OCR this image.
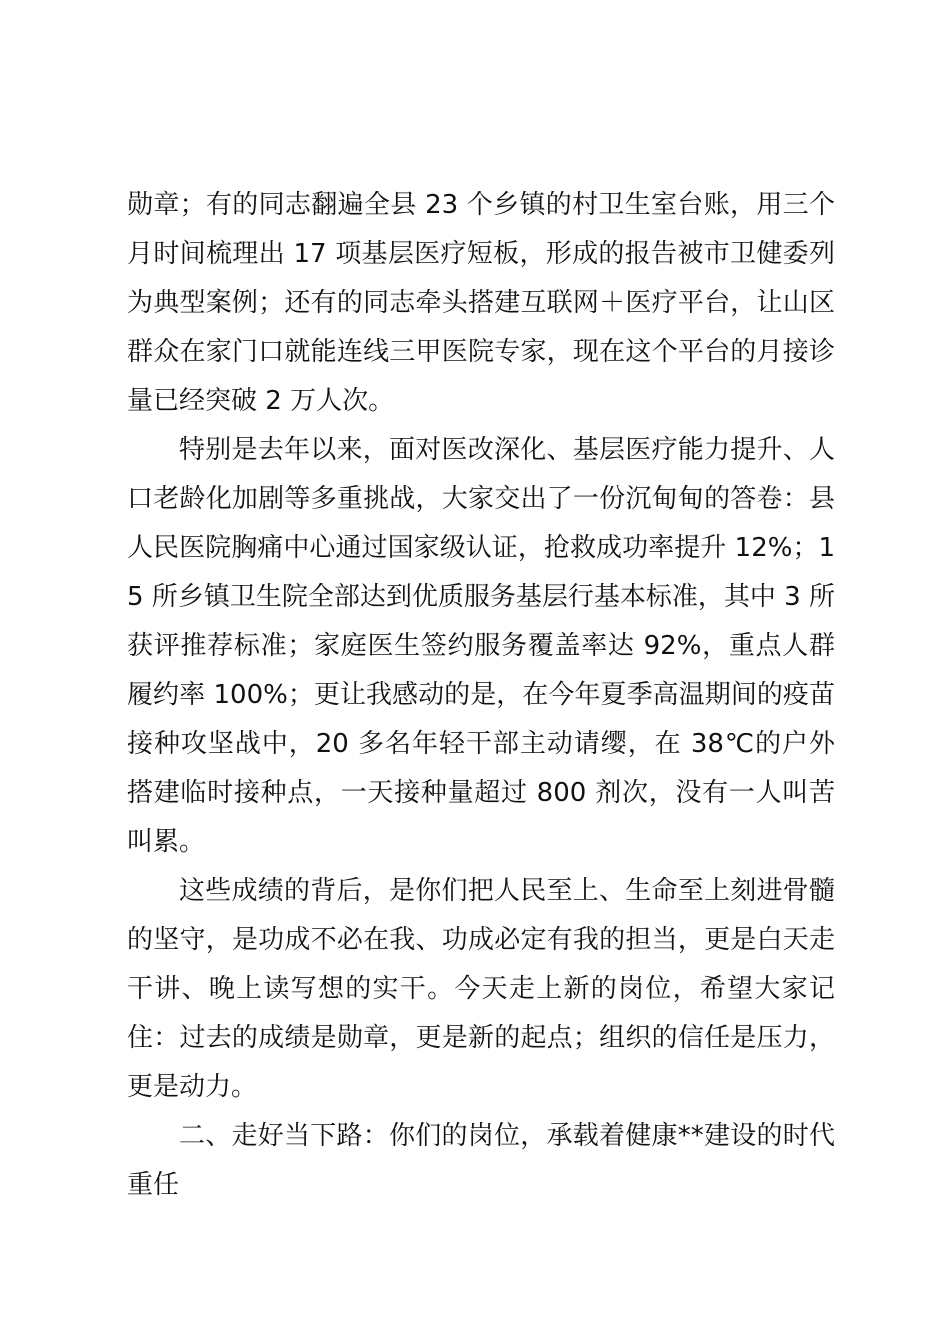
勋章；有的同志翻遍全县 23 个乡镇的村卫生室台账，用三个月时间梳理出 17 项基层医疗短板，形成的报告被市卫健委列为典型案例；还有的同志牵头搭建互联网＋医疗平台，让山区群众在家门口就能连线三甲医院专家，现在这个平台的月接诊量已经突破 2 万人次。

特别是去年以来，面对医改深化、基层医疗能力提升、人口老龄化加剧等多重挑战，大家交出了一份沉甸甸的答卷：县人民医院胸痛中心通过国家级认证，抢救成功率提升 12%；15 所乡镇卫生院全部达到优质服务基层行基本标准，其中 3 所获评推荐标准；家庭医生签约服务覆盖率达 92%，重点人群履约率 100%；更让我感动的是，在今年夏季高温期间的疫苗接种攻坚战中，20 多名年轻干部主动请缨，在 38℃的户外搭建临时接种点，一天接种量超过 800 剂次，没有一人叫苦叫累。

这些成绩的背后，是你们把人民至上、生命至上刻进骨髓的坚守，是功成不必在我、功成必定有我的担当，更是白天走干讲、晚上读写想的实干。今天走上新的岗位，希望大家记住：过去的成绩是勋章，更是新的起点；组织的信任是压力，更是动力。

二、走好当下路：你们的岗位，承载着健康**建设的时代重任
